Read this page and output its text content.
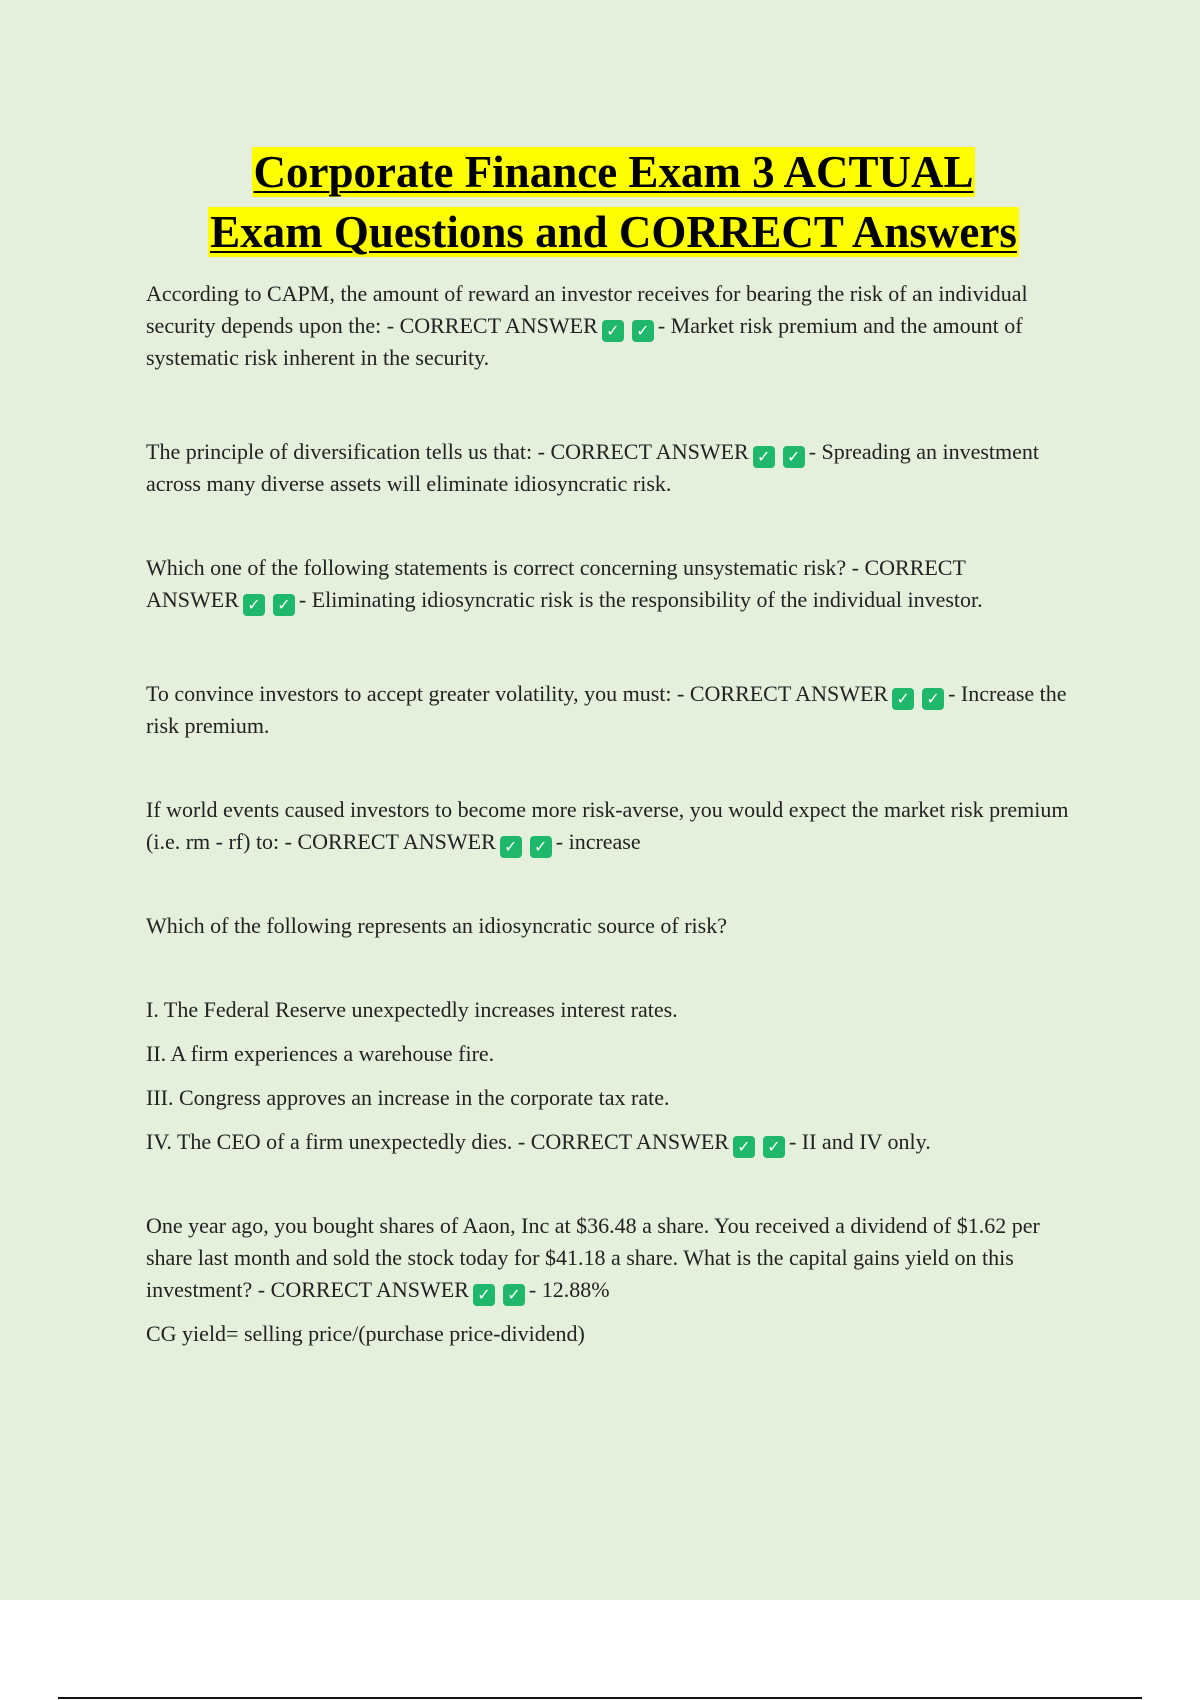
Corporate Finance Exam 3 ACTUAL
Exam Questions and CORRECT Answers

According to CAPM, the amount of reward an investor receives for bearing the risk of an individual security depends upon the: - CORRECT ANSWER ✓ ✓ - Market risk premium and the amount of systematic risk inherent in the security.

The principle of diversification tells us that: - CORRECT ANSWER ✓ ✓ - Spreading an investment across many diverse assets will eliminate idiosyncratic risk.

Which one of the following statements is correct concerning unsystematic risk? - CORRECT
ANSWER ✓ ✓ - Eliminating idiosyncratic risk is the responsibility of the individual investor.

To convince investors to accept greater volatility, you must: - CORRECT ANSWER ✓ ✓ - Increase the risk premium.

If world events caused investors to become more risk-averse, you would expect the market risk premium (i.e. rm - rf) to: - CORRECT ANSWER ✓ ✓ - increase

Which of the following represents an idiosyncratic source of risk?

I. The Federal Reserve unexpectedly increases interest rates.

II. A firm experiences a warehouse fire.

III. Congress approves an increase in the corporate tax rate.

IV. The CEO of a firm unexpectedly dies. - CORRECT ANSWER ✓ ✓ - II and IV only.

One year ago, you bought shares of Aaon, Inc at $36.48 a share. You received a dividend of $1.62 per share last month and sold the stock today for $41.18 a share. What is the capital gains yield on this investment? - CORRECT ANSWER ✓ ✓ - 12.88%

CG yield= selling price/(purchase price-dividend)
